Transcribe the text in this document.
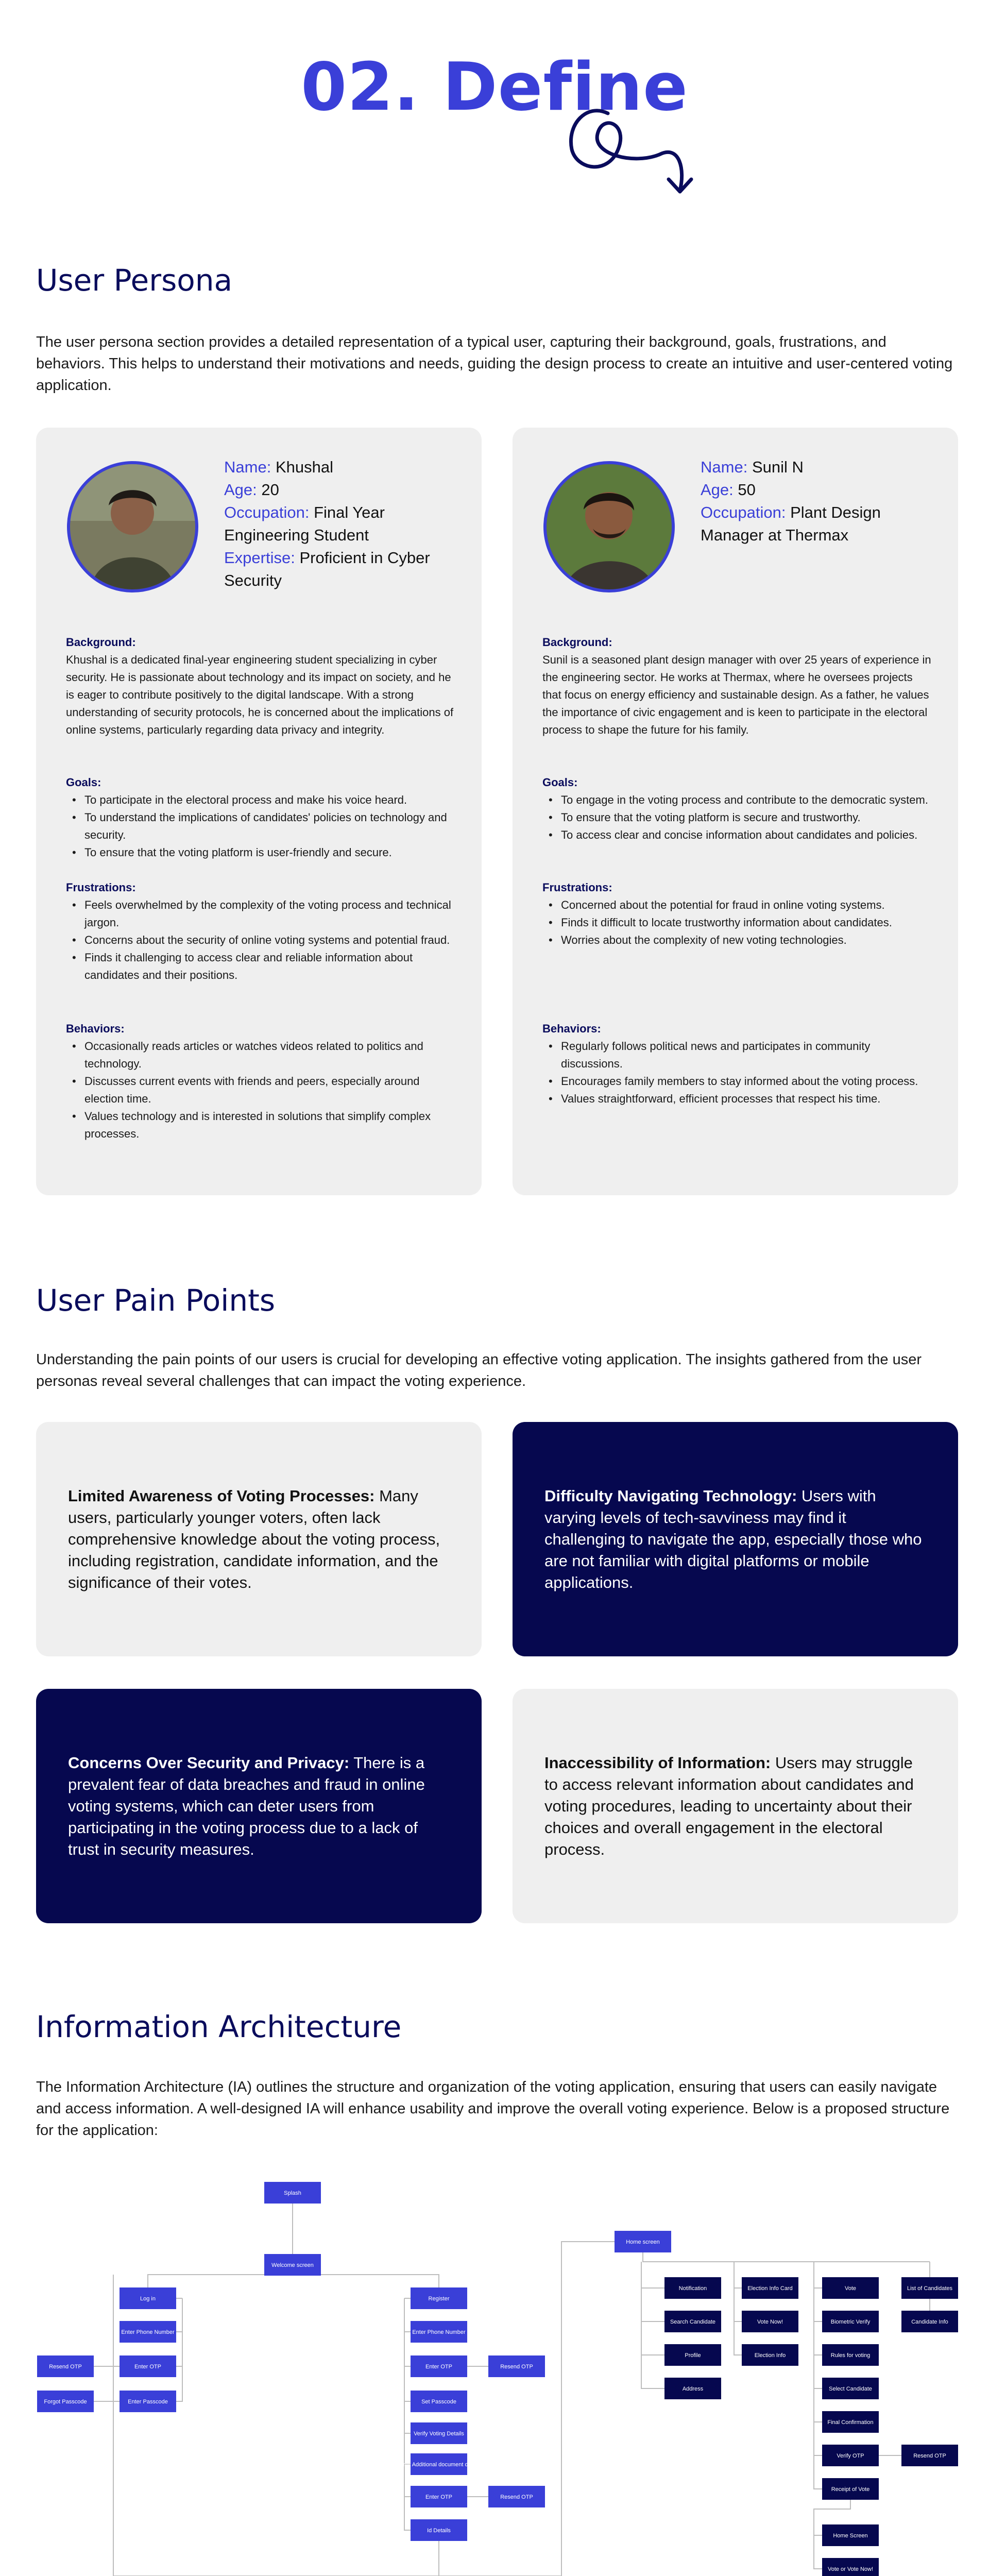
02. Define
User Persona
The user persona section provides a detailed representation of a typical user, capturing their background, goals, frustrations, and behaviors. This helps to understand their motivations and needs, guiding the design process to create an intuitive and user-centered voting application.
Name: Khushal
Age: 20
Occupation: Final Year Engineering Student
Expertise: Proficient in Cyber Security
Background:

Khushal is a dedicated final-year engineering student specializing in cyber security. He is passionate about technology and its impact on society, and he is eager to contribute positively to the digital landscape. With a strong understanding of security protocols, he is concerned about the implications of online systems, particularly regarding data privacy and integrity.

Goals:
• To participate in the electoral process and make his voice heard.
• To understand the implications of candidates' policies on technology and security.
• To ensure that the voting platform is user-friendly and secure.
Frustrations:
• Feels overwhelmed by the complexity of the voting process and technical jargon.
• Concerns about the security of online voting systems and potential fraud.
• Finds it challenging to access clear and reliable information about candidates and their positions.
Behaviors:
• Occasionally reads articles or watches videos related to politics and technology.
• Discusses current events with friends and peers, especially around election time.
• Values technology and is interested in solutions that simplify complex processes.
Name: Sunil N
Age: 50
Occupation: Plant Design Manager at Thermax
Background:

Sunil is a seasoned plant design manager with over 25 years of experience in the engineering sector. He works at Thermax, where he oversees projects that focus on energy efficiency and sustainable design. As a father, he values the importance of civic engagement and is keen to participate in the electoral process to shape the future for his family.

Goals:
• To engage in the voting process and contribute to the democratic system.
• To ensure that the voting platform is secure and trustworthy.
• To access clear and concise information about candidates and policies.
Frustrations:
• Concerned about the potential for fraud in online voting systems.
• Finds it difficult to locate trustworthy information about candidates.
• Worries about the complexity of new voting technologies.
Behaviors:
• Regularly follows political news and participates in community discussions.
• Encourages family members to stay informed about the voting process.
• Values straightforward, efficient processes that respect his time.
User Pain Points
Understanding the pain points of our users is crucial for developing an effective voting application. The insights gathered from the user personas reveal several challenges that can impact the voting experience.

Limited Awareness of Voting Processes: Many users, particularly younger voters, often lack comprehensive knowledge about the voting process, including registration, candidate information, and the significance of their votes.

Difficulty Navigating Technology: Users with varying levels of tech-savviness may find it challenging to navigate the app, especially those who are not familiar with digital platforms or mobile applications.

Concerns Over Security and Privacy: There is a prevalent fear of data breaches and fraud in online voting systems, which can deter users from participating in the voting process due to a lack of trust in security measures.

Inaccessibility of Information: Users may struggle to access relevant information about candidates and voting procedures, leading to uncertainty about their choices and overall engagement in the electoral process.

Information Architecture
The Information Architecture (IA) outlines the structure and organization of the voting application, ensuring that users can easily navigate and access information. A well-designed IA will enhance usability and improve the overall voting experience. Below is a proposed structure for the application:
Splash
Welcome screen
Log in	Register
Enter Phone Number
Enter OTP
Resend OTP
Enter Passcode
Forgot Passcode
Enter Phone Number
Enter OTP	Resend OTP
Set Passcode
Verify Voting Details
Verify Additional document details
Enter OTP	Resend OTP
Id Details
Home screen
Notification
Search Candidate
Profile
Address
Election Info Card
Vote Now!
Election Info
Vote
Biometric Verify
Rules for voting
Select Candidate
Final Confirmation
Verify OTP	Resend OTP
Receipt of Vote
Home Screen
Vote or Vote Now!
List of Candidates
Candidate Info
